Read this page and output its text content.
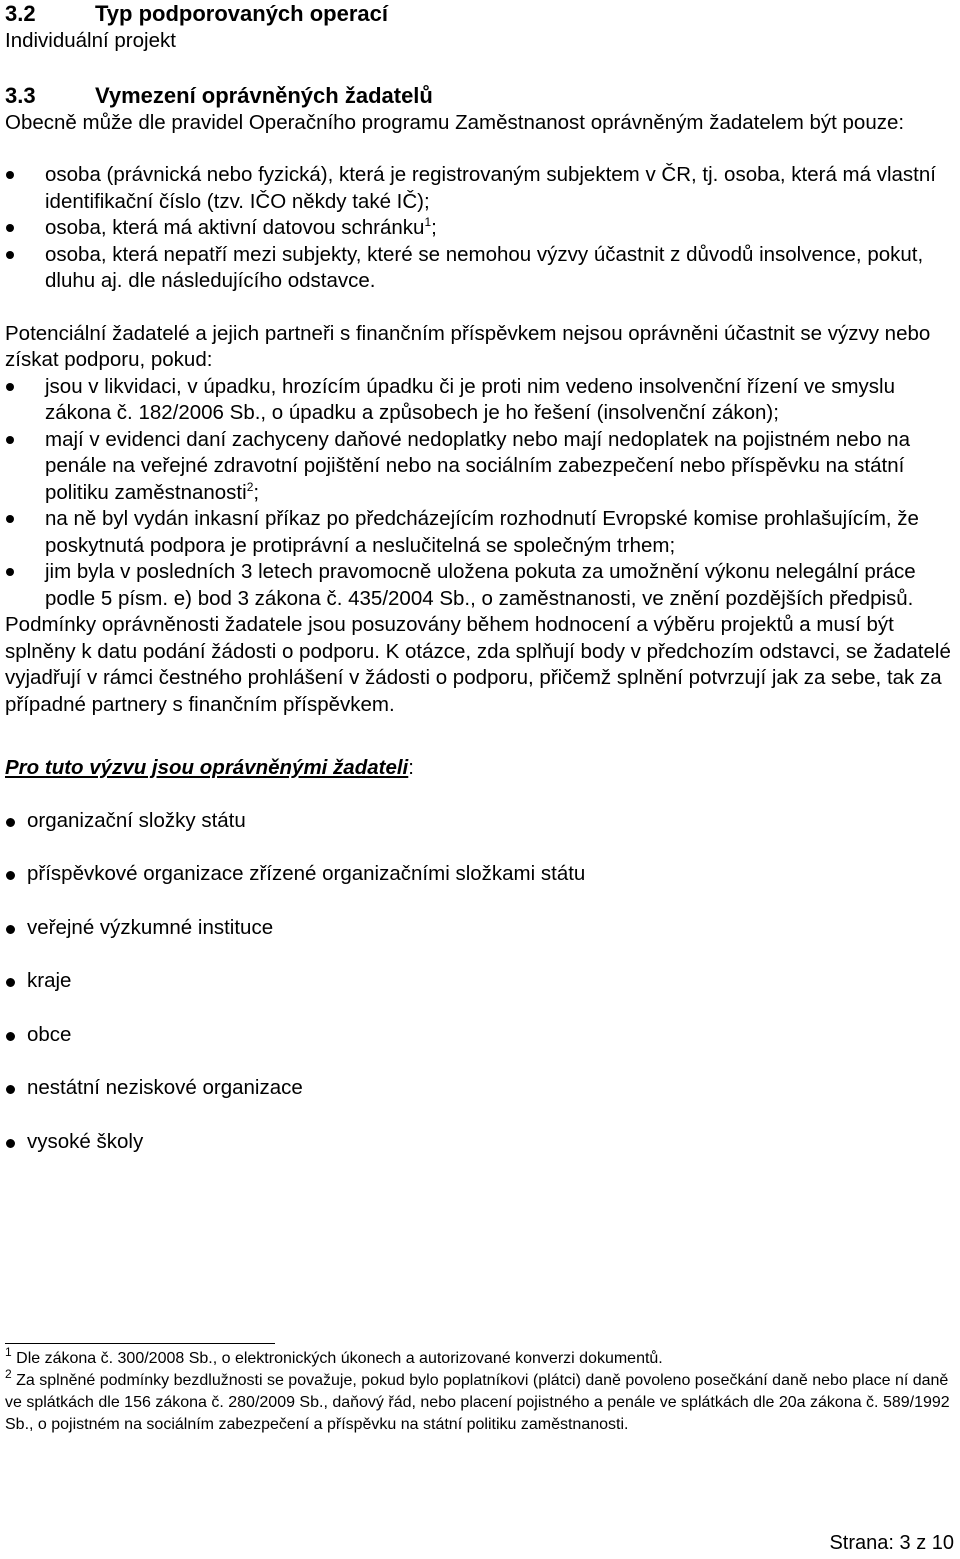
3.2	Typ podporovaných operací

Individuální projekt

3.3	Vymezení oprávněných žadatelů

Obecně může dle pravidel Operačního programu Zaměstnanost oprávněným žadatelem být pouze:

osoba (právnická nebo fyzická), která je registrovaným subjektem v ČR, tj. osoba, která má vlastní identifikační číslo (tzv. IČO někdy také IČ);
osoba, která má aktivní datovou schránku$^1$;
osoba, která nepatří mezi subjekty, které se nemohou výzvy účastnit z důvodů insolvence, pokut, dluhu aj. dle následujícího odstavce.

Potenciální žadatelé a jejich partneři s finančním příspěvkem nejsou oprávněni účastnit se výzvy nebo získat podporu, pokud:

jsou v likvidaci, v úpadku, hrozícím úpadku či je proti nim vedeno insolvenční řízení ve smyslu zákona č. 182/2006 Sb., o úpadku a způsobech je ho řešení (insolvenční zákon);
mají v evidenci daní zachyceny daňové nedoplatky nebo mají nedoplatek na pojistném nebo na penále na veřejné zdravotní pojištění nebo na sociálním zabezpečení nebo příspěvku na státní politiku zaměstnanosti$^2$;
na ně byl vydán inkasní příkaz po předcházejícím rozhodnutí Evropské komise prohlašujícím, že poskytnutá podpora je protiprávní a neslučitelná se společným trhem;
jim byla v posledních 3 letech pravomocně uložena pokuta za umožnění výkonu nelegální práce podle 5 písm. e) bod 3 zákona č. 435/2004 Sb., o zaměstnanosti, ve znění pozdějších předpisů.

Podmínky oprávněnosti žadatele jsou posuzovány během hodnocení a výběru projektů a musí být splněny k datu podání žádosti o podporu. K otázce, zda splňují body v předchozím odstavci, se žadatelé vyjadřují v rámci čestného prohlášení v žádosti o podporu, přičemž splnění potvrzují jak za sebe, tak za případné partnery s finančním příspěvkem.

Pro tuto výzvu jsou oprávněnými žadateli:

organizační složky státu
příspěvkové organizace zřízené organizačními složkami státu
veřejné výzkumné instituce
kraje
obce
nestátní neziskové organizace
vysoké školy
$^1$ Dle zákona č. 300/2008 Sb., o elektronických úkonech a autorizované konverzi dokumentů.
$^2$ Za splněné podmínky bezdlužnosti se považuje, pokud bylo poplatníkovi (plátci) daně povoleno posečkání daně nebo place ní daně ve splátkách dle 156 zákona č. 280/2009 Sb., daňový řád, nebo placení pojistného a penále ve splátkách dle 20a zákona č. 589/1992 Sb., o pojistném na sociálním zabezpečení a příspěvku na státní politiku zaměstnanosti.
Strana: 3 z 10
